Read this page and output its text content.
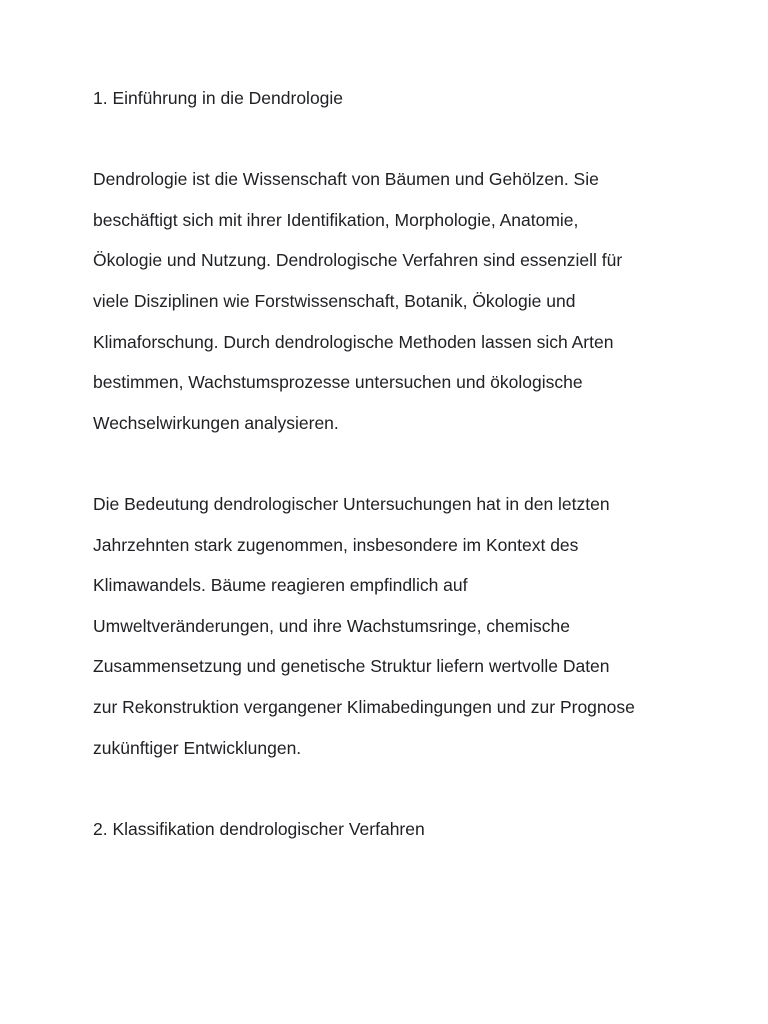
1. Einführung in die Dendrologie
Dendrologie ist die Wissenschaft von Bäumen und Gehölzen. Sie
beschäftigt sich mit ihrer Identifikation, Morphologie, Anatomie,
Ökologie und Nutzung. Dendrologische Verfahren sind essenziell für
viele Disziplinen wie Forstwissenschaft, Botanik, Ökologie und
Klimaforschung. Durch dendrologische Methoden lassen sich Arten
bestimmen, Wachstumsprozesse untersuchen und ökologische
Wechselwirkungen analysieren.
Die Bedeutung dendrologischer Untersuchungen hat in den letzten
Jahrzehnten stark zugenommen, insbesondere im Kontext des
Klimawandels. Bäume reagieren empfindlich auf
Umweltveränderungen, und ihre Wachstumsringe, chemische
Zusammensetzung und genetische Struktur liefern wertvolle Daten
zur Rekonstruktion vergangener Klimabedingungen und zur Prognose
zukünftiger Entwicklungen.
2. Klassifikation dendrologischer Verfahren
